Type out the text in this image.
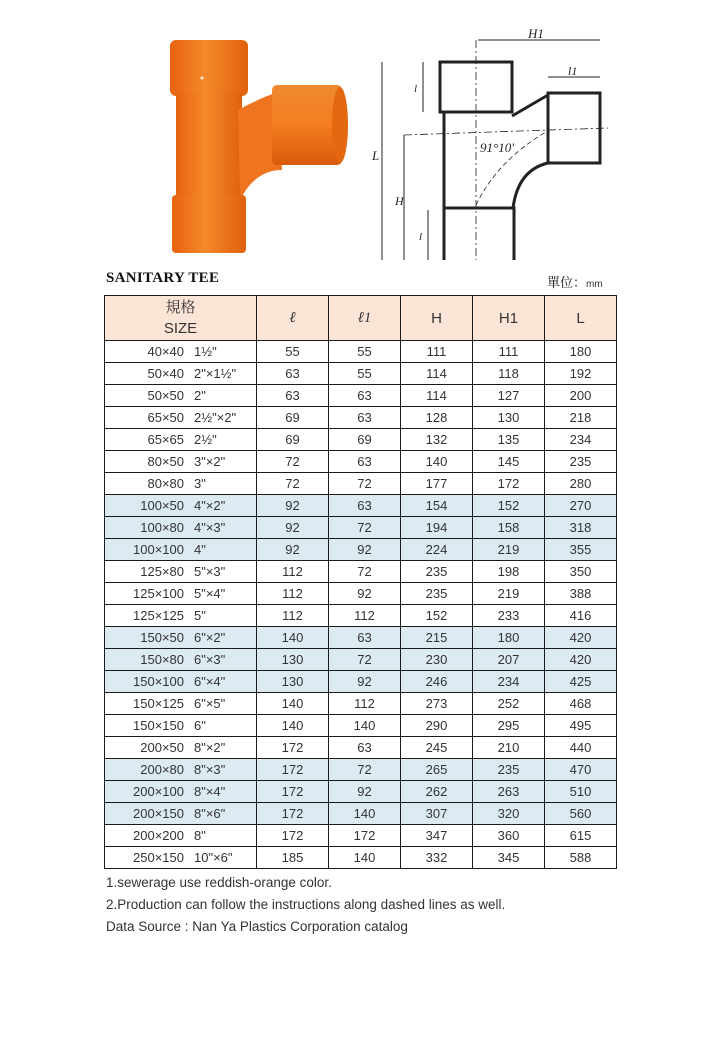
H1
l1
L
H
l
l
91°10'
SANITARY TEE	單位：mm
規格
SIZE	ℓ	ℓ1	H	H1	L
40×40 1½"	55	55	111	111	180
50×40 2"×1½"	63	55	114	118	192
50×50 2"	63	63	114	127	200
65×50 2½"×2"	69	63	128	130	218
65×65 2½"	69	69	132	135	234
80×50 3"×2"	72	63	140	145	235
80×80 3"	72	72	177	172	280
100×50 4"×2"	92	63	154	152	270
100×80 4"×3"	92	72	194	158	318
100×100 4"	92	92	224	219	355
125×80 5"×3"	112	72	235	198	350
125×100 5"×4"	112	92	235	219	388
125×125 5"	112	112	152	233	416
150×50 6"×2"	140	63	215	180	420
150×80 6"×3"	130	72	230	207	420
150×100 6"×4"	130	92	246	234	425
150×125 6"×5"	140	112	273	252	468
150×150 6"	140	140	290	295	495
200×50 8"×2"	172	63	245	210	440
200×80 8"×3"	172	72	265	235	470
200×100 8"×4"	172	92	262	263	510
200×150 8"×6"	172	140	307	320	560
200×200 8"	172	172	347	360	615
250×150 10"×6"	185	140	332	345	588
1.sewerage use reddish-orange color.
2.Production can follow the instructions along dashed lines as well.
Data Source : Nan Ya Plastics Corporation catalog
